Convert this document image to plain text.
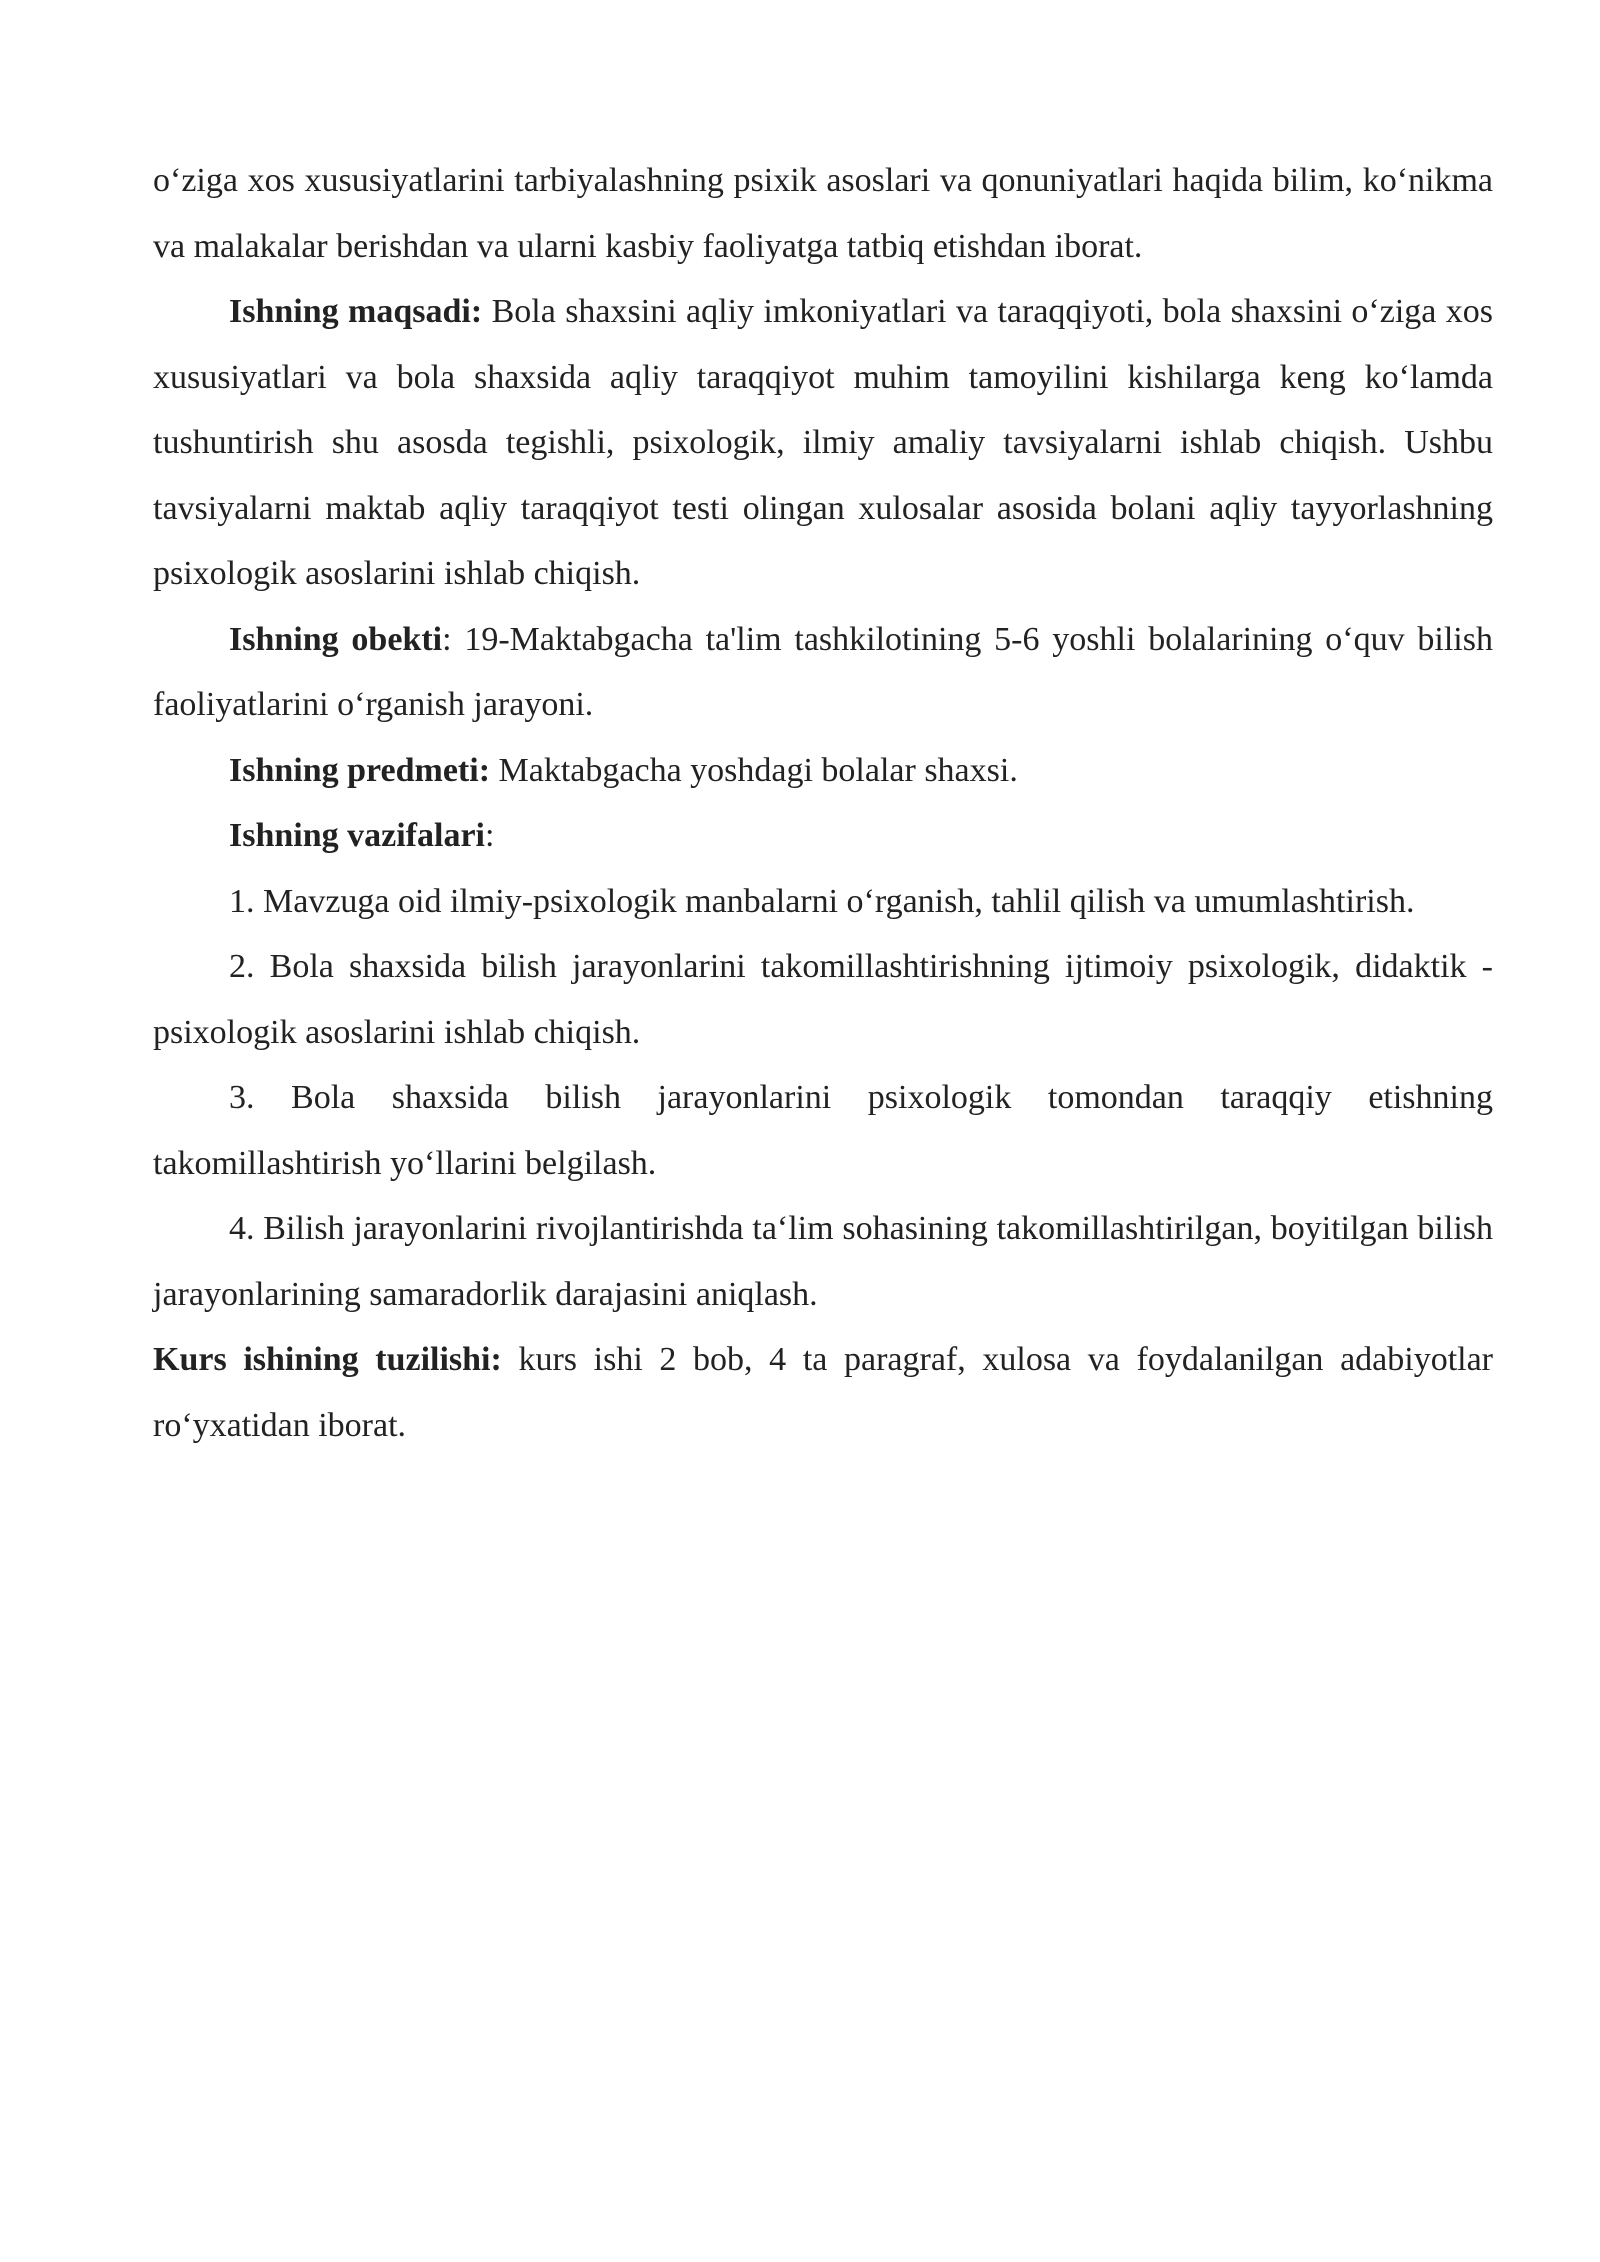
oʻziga xos xususiyatlarini tarbiyalashning psixik asoslari va qonuniyatlari haqida bilim, koʻnikma va malakalar berishdan va ularni kasbiy faoliyatga tatbiq etishdan iborat.

Ishning maqsadi: Bola shaxsini aqliy imkoniyatlari va taraqqiyoti, bola shaxsini oʻziga xos xususiyatlari va bola shaxsida aqliy taraqqiyot muhim tamoyilini kishilarga keng koʻlamda tushuntirish shu asosda tegishli, psixologik, ilmiy amaliy tavsiyalarni ishlab chiqish. Ushbu tavsiyalarni maktab aqliy taraqqiyot testi olingan xulosalar asosida bolani aqliy tayyorlashning psixologik asoslarini ishlab chiqish.

Ishning obekti: 19-Maktabgacha ta'lim tashkilotining 5-6 yoshli bolalarining oʻquv bilish faoliyatlarini oʻrganish jarayoni.

Ishning predmeti: Maktabgacha yoshdagi bolalar shaxsi.

Ishning vazifalari:

1. Mavzuga oid ilmiy-psixologik manbalarni oʻrganish, tahlil qilish va umumlashtirish.

2. Bola shaxsida bilish jarayonlarini takomillashtirishning ijtimoiy psixologik, didaktik - psixologik asoslarini ishlab chiqish.

3. Bola shaxsida bilish jarayonlarini psixologik tomondan taraqqiy etishning takomillashtirish yoʻllarini belgilash.

4. Bilish jarayonlarini rivojlantirishda taʻlim sohasining takomillashtirilgan, boyitilgan bilish jarayonlarining samaradorlik darajasini aniqlash.

Kurs ishining tuzilishi: kurs ishi 2 bob, 4 ta paragraf, xulosa va foydalanilgan adabiyotlar roʻyxatidan iborat.
